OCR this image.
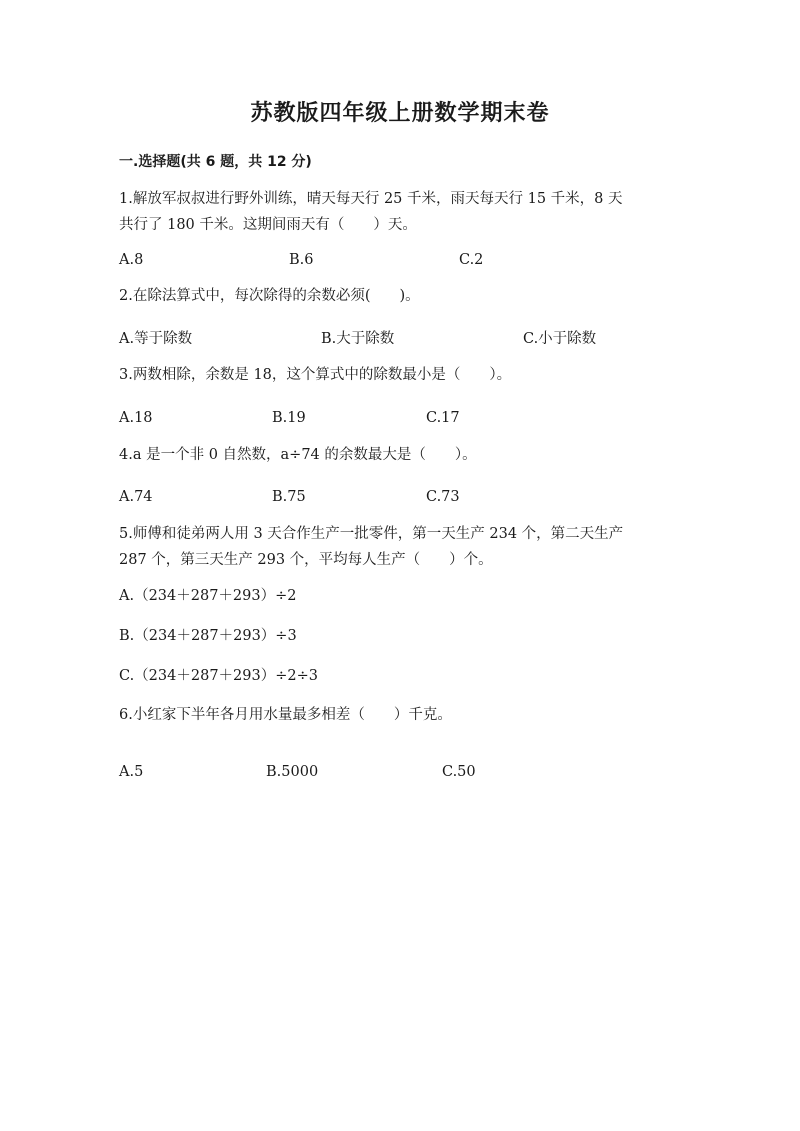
苏教版四年级上册数学期末卷
一.选择题(共 6 题，共 12 分)
1.解放军叔叔进行野外训练，晴天每天行 25 千米，雨天每天行 15 千米，8 天
共行了 180 千米。这期间雨天有（　　）天。
A.8	B.6	C.2
2.在除法算式中，每次除得的余数必须(　　)。
A.等于除数	B.大于除数	C.小于除数
3.两数相除，余数是 18，这个算式中的除数最小是（　　）。
A.18	B.19	C.17
4.a 是一个非 0 自然数，a÷74 的余数最大是（　　）。
A.74	B.75	C.73
5.师傅和徒弟两人用 3 天合作生产一批零件，第一天生产 234 个，第二天生产
287 个，第三天生产 293 个，平均每人生产（　　）个。
A.（234＋287＋293）÷2
B.（234＋287＋293）÷3
C.（234＋287＋293）÷2÷3
6.小红家下半年各月用水量最多相差（　　）千克。
A.5	B.5000	C.50
